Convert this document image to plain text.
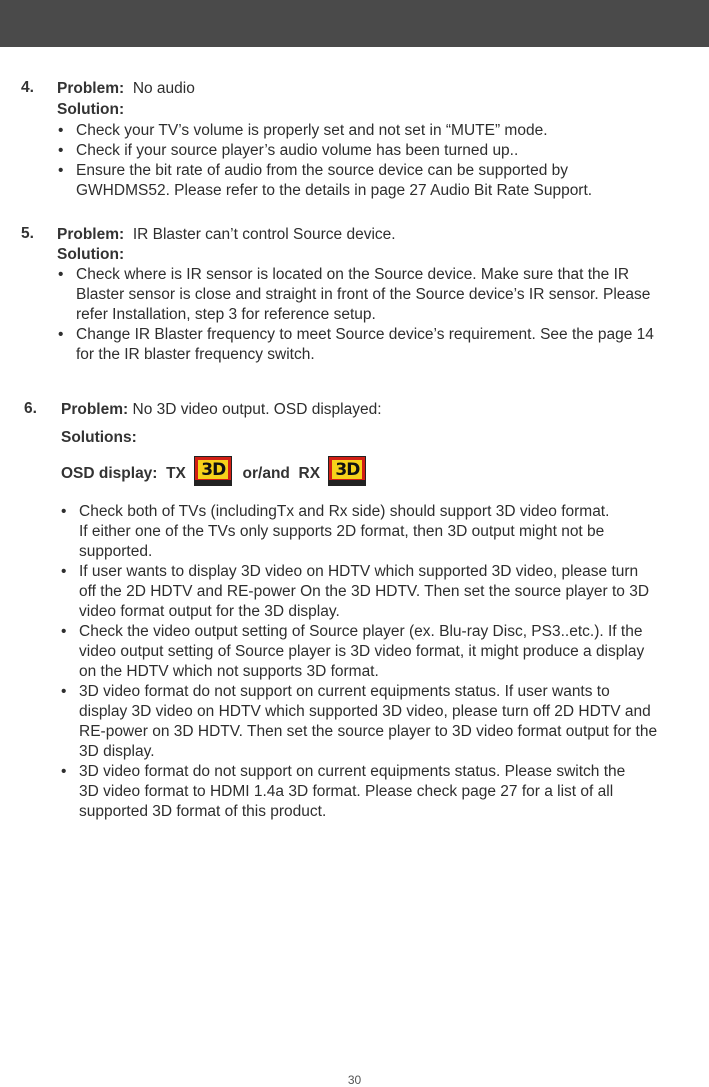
4. Problem: No audio
Solution:
• Check your TV’s volume is properly set and not set in “MUTE” mode.
• Check if your source player’s audio volume has been turned up..
• Ensure the bit rate of audio from the source device can be supported by
GWHDMS52. Please refer to the details in page 27 Audio Bit Rate Support.
5. Problem: IR Blaster can’t control Source device.
Solution:
• Check where is IR sensor is located on the Source device. Make sure that the IR
Blaster sensor is close and straight in front of the Source device’s IR sensor. Please
refer Installation, step 3 for reference setup.
• Change IR Blaster frequency to meet Source device’s requirement. See the page 14
for the IR blaster frequency switch.
6. Problem: No 3D video output. OSD displayed:
Solutions:
OSD display: TX 3D or/and RX 3D
• Check both of TVs (includingTx and Rx side) should support 3D video format.
If either one of the TVs only supports 2D format, then 3D output might not be
supported.
• If user wants to display 3D video on HDTV which supported 3D video, please turn
off the 2D HDTV and RE-power On the 3D HDTV. Then set the source player to 3D
video format output for the 3D display.
• Check the video output setting of Source player (ex. Blu-ray Disc, PS3..etc.). If the
video output setting of Source player is 3D video format, it might produce a display
on the HDTV which not supports 3D format.
• 3D video format do not support on current equipments status. If user wants to
display 3D video on HDTV which supported 3D video, please turn off 2D HDTV and
RE-power on 3D HDTV. Then set the source player to 3D video format output for the
3D display.
• 3D video format do not support on current equipments status. Please switch the
3D video format to HDMI 1.4a 3D format. Please check page 27 for a list of all
supported 3D format of this product.
30
